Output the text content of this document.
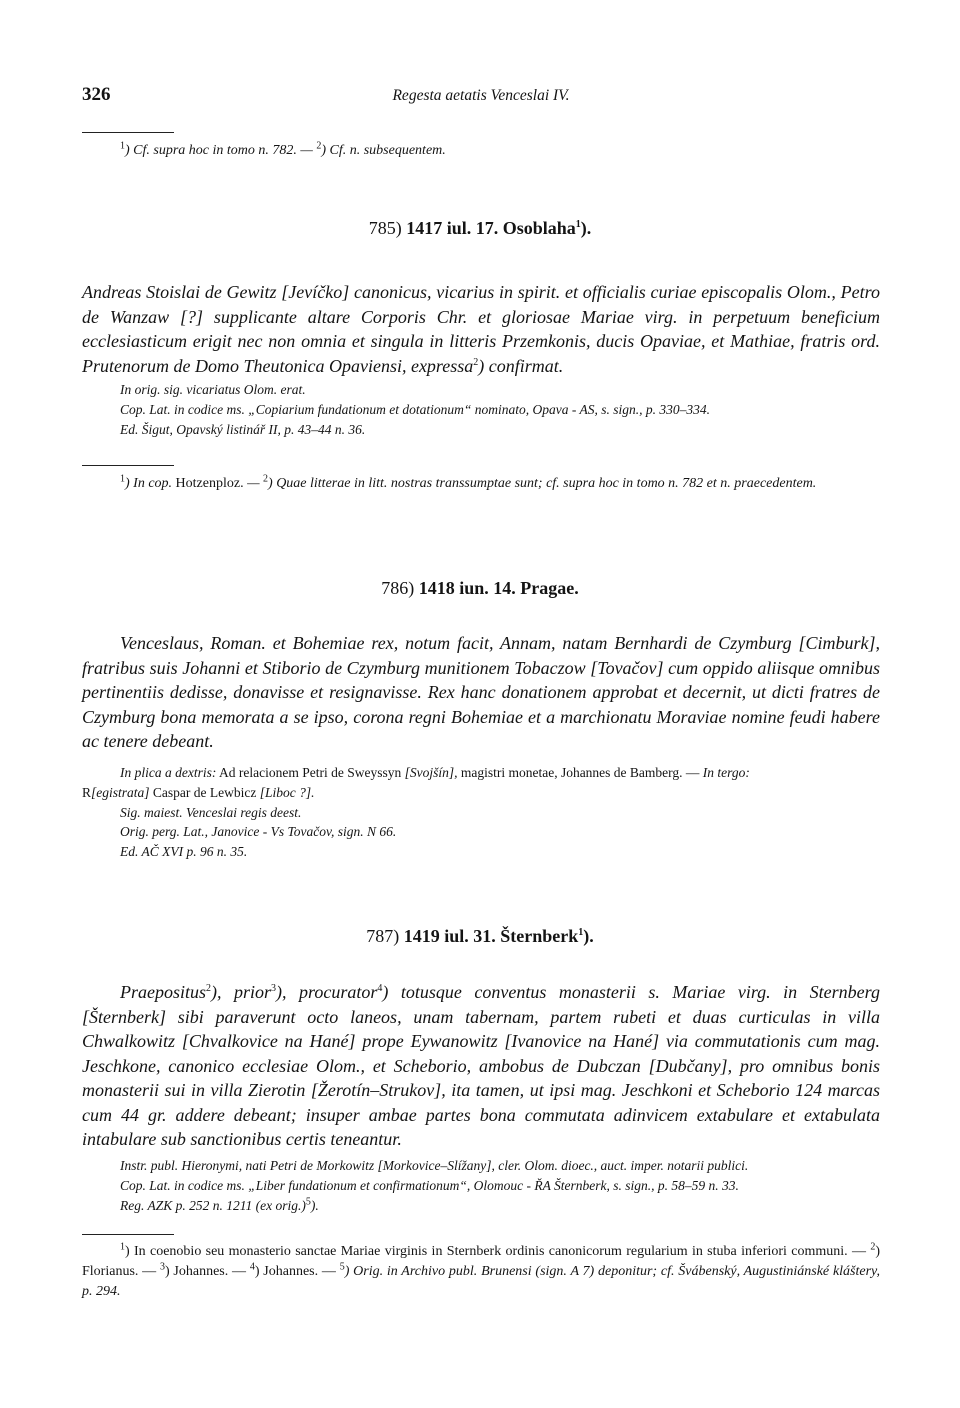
326	Regesta aetatis Venceslai IV.
$^1$) Cf. supra hoc in tomo n. 782. — $^2$) Cf. n. subsequentem.
785) 1417 iul. 17. Osoblaha$^1$).
Andreas Stoislai de Gewitz [Jevíčko] canonicus, vicarius in spirit. et officialis curiae episcopalis Olom., Petro de Wanzaw [?] supplicante altare Corporis Chr. et gloriosae Mariae virg. in perpetuum beneficium ecclesiasticum erigit nec non omnia et singula in litteris Przemkonis, ducis Opaviae, et Mathiae, fratris ord. Prutenorum de Domo Theutonica Opaviensi, expressa$^2$) confirmat.

In orig. sig. vicariatus Olom. erat.

Cop. Lat. in codice ms. „Copiarium fundationum et dotationum“ nominato, Opava - AS, s. sign., p. 330–334.

Ed. Šigut, Opavský listinář II, p. 43–44 n. 36.

$^1$) In cop. Hotzenploz. — $^2$) Quae litterae in litt. nostras transsumptae sunt; cf. supra hoc in tomo n. 782 et n. praecedentem.
786) 1418 iun. 14. Pragae.
Venceslaus, Roman. et Bohemiae rex, notum facit, Annam, natam Bernhardi de Czymburg [Cimburk], fratribus suis Johanni et Stiborio de Czymburg munitionem Tobaczow [Tovačov] cum oppido aliisque omnibus pertinentiis dedisse, donavisse et resignavisse. Rex hanc donationem approbat et decernit, ut dicti fratres de Czymburg bona memorata a se ipso, corona regni Bohemiae et a marchionatu Moraviae nomine feudi habere ac tenere debeant.

In plica a dextris: Ad relacionem Petri de Sweyssyn [Svojšín], magistri monetae, Johannes de Bamberg. — In tergo:
R[egistrata] Caspar de Lewbicz [Liboc ?].

Sig. maiest. Venceslai regis deest.

Orig. perg. Lat., Janovice - Vs Tovačov, sign. N 66.

Ed. AČ XVI p. 96 n. 35.

787) 1419 iul. 31. Šternberk$^1$).
Praepositus$^2$), prior$^3$), procurator$^4$) totusque conventus monasterii s. Mariae virg. in Sternberg [Šternberk] sibi paraverunt octo laneos, unam tabernam, partem rubeti et duas curticulas in villa Chwalkowitz [Chvalkovice na Hané] prope Eywanowitz [Ivanovice na Hané] via commutationis cum mag. Jeschkone, canonico ecclesiae Olom., et Scheborio, ambobus de Dubczan [Dubčany], pro omnibus bonis monasterii sui in villa Zierotin [Žerotín–Strukov], ita tamen, ut ipsi mag. Jeschkoni et Scheborio 124 marcas cum 44 gr. addere debeant; insuper ambae partes bona commutata adinvicem extabulare et extabulata intabulare sub sanctionibus certis teneantur.

Instr. publ. Hieronymi, nati Petri de Morkowitz [Morkovice–Slížany], cler. Olom. dioec., auct. imper. notarii publici.

Cop. Lat. in codice ms. „Liber fundationum et confirmationum“, Olomouc - ŘA Šternberk, s. sign., p. 58–59 n. 33.

Reg. AZK p. 252 n. 1211 (ex orig.)$^5$).

$^1$) In coenobio seu monasterio sanctae Mariae virginis in Sternberk ordinis canonicorum regularium in stuba inferiori communi. — $^2$) Florianus. — $^3$) Johannes. — $^4$) Johannes. — $^5$) Orig. in Archivo publ. Brunensi (sign. A 7) deponitur; cf. Švábenský, Augustiniánské kláštery, p. 294.
